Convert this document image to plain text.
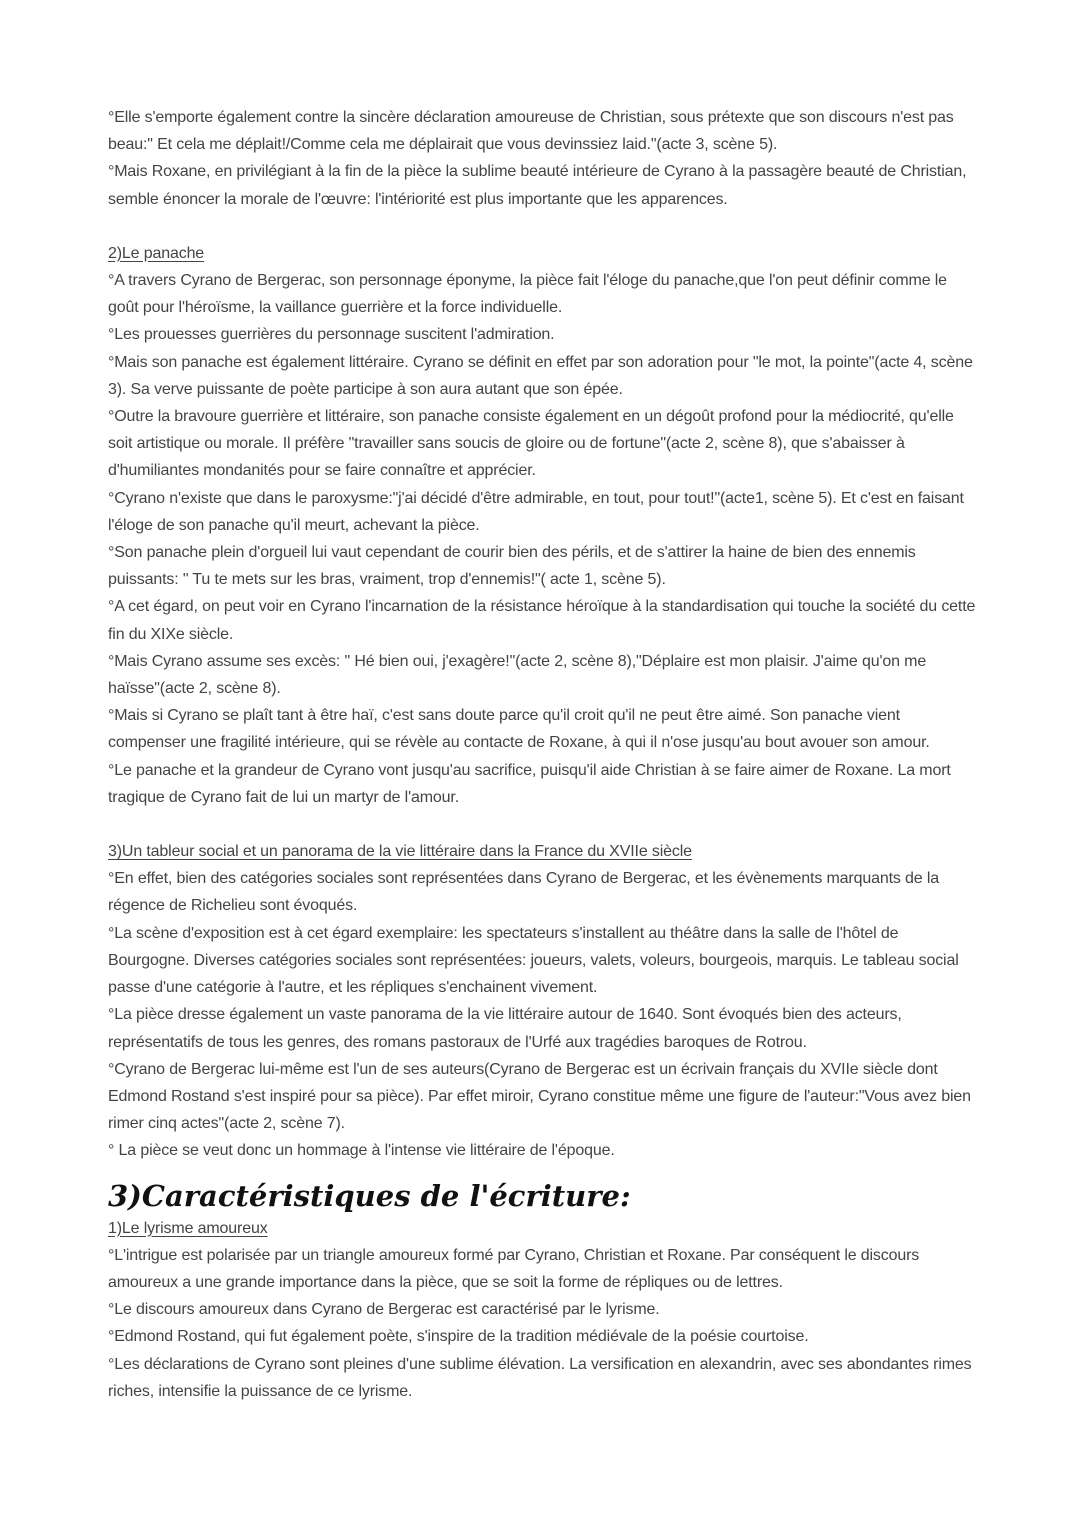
°Elle s'emporte également contre la sincère déclaration amoureuse de Christian, sous prétexte que son discours n'est pas beau:" Et cela me déplait!/Comme cela me déplairait que vous devinssiez laid."(acte 3, scène 5).

°Mais Roxane, en privilégiant à la fin de la pièce la sublime beauté intérieure de Cyrano à la passagère beauté de Christian, semble énoncer la morale de l'œuvre: l'intériorité est plus importante que les apparences.

2)Le panache

°A travers Cyrano de Bergerac, son personnage éponyme, la pièce fait l'éloge du panache,que l'on peut définir comme le goût pour l'héroïsme, la vaillance guerrière et la force individuelle.

°Les prouesses guerrières du personnage suscitent l'admiration.

°Mais son panache est également littéraire. Cyrano se définit en effet par son adoration pour "le mot, la pointe"(acte 4, scène 3). Sa verve puissante de poète participe à son aura autant que son épée.

°Outre la bravoure guerrière et littéraire, son panache consiste également en un dégoût profond pour la médiocrité, qu'elle soit artistique ou morale. Il préfère "travailler sans soucis de gloire ou de fortune"(acte 2, scène 8), que s'abaisser à d'humiliantes mondanités pour se faire connaître et apprécier.

°Cyrano n'existe que dans le paroxysme:"j'ai décidé d'être admirable, en tout, pour tout!"(acte1, scène 5). Et c'est en faisant l'éloge de son panache qu'il meurt, achevant la pièce.

°Son panache plein d'orgueil lui vaut cependant de courir bien des périls, et de s'attirer la haine de bien des ennemis puissants: " Tu te mets sur les bras, vraiment, trop d'ennemis!"( acte 1, scène 5).

°A cet égard, on peut voir en Cyrano l'incarnation de la résistance héroïque à la standardisation qui touche la société du cette fin du XIXe siècle.

°Mais Cyrano assume ses excès: " Hé bien oui, j'exagère!"(acte 2, scène 8),"Déplaire est mon plaisir. J'aime qu'on me haïsse"(acte 2, scène 8).

°Mais si Cyrano se plaît tant à être haï, c'est sans doute parce qu'il croit qu'il ne peut être aimé. Son panache vient compenser une fragilité intérieure, qui se révèle au contacte de Roxane, à qui il n'ose jusqu'au bout avouer son amour.

°Le panache et la grandeur de Cyrano vont jusqu'au sacrifice, puisqu'il aide Christian à se faire aimer de Roxane. La mort tragique de Cyrano fait de lui un martyr de l'amour.

3)Un tableur social et un panorama de la vie littéraire dans la France du XVIIe siècle

°En effet, bien des catégories sociales sont représentées dans Cyrano de Bergerac, et les évènements marquants de la régence de Richelieu sont évoqués.

°La scène d'exposition est à cet égard exemplaire: les spectateurs s'installent au théâtre dans la salle de l'hôtel de Bourgogne. Diverses catégories sociales sont représentées: joueurs, valets, voleurs, bourgeois, marquis. Le tableau social passe d'une catégorie à l'autre, et les répliques s'enchainent vivement.

°La pièce dresse également un vaste panorama de la vie littéraire autour de 1640. Sont évoqués bien des acteurs, représentatifs de tous les genres, des romans pastoraux de l'Urfé aux tragédies baroques de Rotrou.

°Cyrano de Bergerac lui-même est l'un de ses auteurs(Cyrano de Bergerac est un écrivain français du XVIIe siècle dont Edmond Rostand s'est inspiré pour sa pièce). Par effet miroir, Cyrano constitue même une figure de l'auteur:"Vous avez bien rimer cinq actes"(acte 2, scène 7).

° La pièce se veut donc un hommage à l'intense vie littéraire de l'époque.

3)Caractéristiques de l'écriture:

1)Le lyrisme amoureux

°L'intrigue est polarisée par un triangle amoureux formé par Cyrano, Christian et Roxane. Par conséquent le discours amoureux a une grande importance dans la pièce, que se soit la forme de répliques ou de lettres.

°Le discours amoureux dans Cyrano de Bergerac est caractérisé par le lyrisme.

°Edmond Rostand, qui fut également poète, s'inspire de la tradition médiévale de la poésie courtoise.

°Les déclarations de Cyrano sont pleines d'une sublime élévation. La versification en alexandrin, avec ses abondantes rimes riches, intensifie la puissance de ce lyrisme.
